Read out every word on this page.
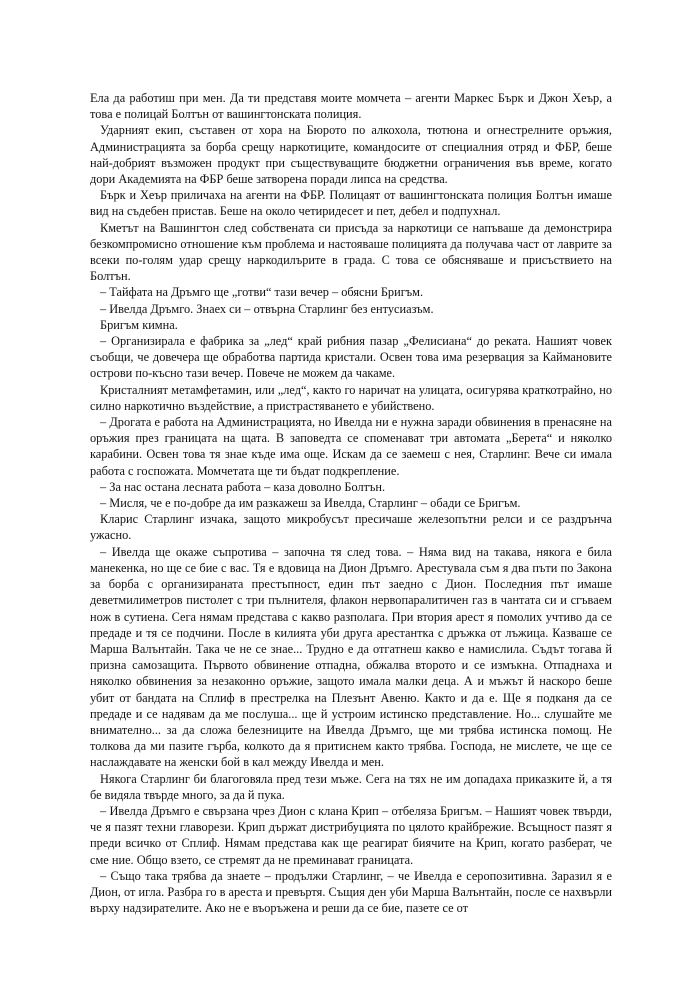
Ела да работиш при мен. Да ти представя моите момчета – агенти Маркес Бърк и Джон Хеър, а това е полицай Болтън от вашингтонската полиция.

Ударният екип, съставен от хора на Бюрото по алкохола, тютюна и огнестрелните оръжия, Администрацията за борба срещу наркотиците, командосите от специалния отряд и ФБР, беше най-добрият възможен продукт при съществуващите бюджетни ограничения във време, когато дори Академията на ФБР беше затворена поради липса на средства.

Бърк и Хеър приличаха на агенти на ФБР. Полицаят от вашингтонската полиция Болтън имаше вид на съдебен пристав. Беше на около четиридесет и пет, дебел и подпухнал.

Кметът на Вашингтон след собствената си присъда за наркотици се напъваше да демонстрира безкомпромисно отношение към проблема и настояваше полицията да получава част от лаврите за всеки по-голям удар срещу наркодилърите в града. С това се обясняваше и присъствието на Болтън.

– Тайфата на Дръмго ще „готви“ тази вечер – обясни Бригъм.

– Ивелда Дръмго. Знаех си – отвърна Старлинг без ентусиазъм.

Бригъм кимна.

– Организирала е фабрика за „лед“ край рибния пазар „Фелисиана“ до реката. Нашият човек съобщи, че довечера ще обработва партида кристали. Освен това има резервация за Каймановите острови по-късно тази вечер. Повече не можем да чакаме.

Кристалният метамфетамин, или „лед“, както го наричат на улицата, осигурява краткотрайно, но силно наркотично въздействие, а пристрастяването е убийствено.

– Дрогата е работа на Администрацията, но Ивелда ни е нужна заради обвинения в пренасяне на оръжия през границата на щата. В заповедта се споменават три автомата „Берета“ и няколко карабини. Освен това тя знае къде има още. Искам да се заемеш с нея, Старлинг. Вече си имала работа с госпожата. Момчетата ще ти бъдат подкрепление.

– За нас остана лесната работа – каза доволно Болтън.

– Мисля, че е по-добре да им разкажеш за Ивелда, Старлинг – обади се Бригъм.

Кларис Старлинг изчака, защото микробусът пресичаше железопътни релси и се раздрънча ужасно.

– Ивелда ще окаже съпротива – започна тя след това. – Няма вид на такава, някога е била манекенка, но ще се бие с вас. Тя е вдовица на Дион Дръмго. Арестувала съм я два пъти по Закона за борба с организираната престъпност, един път заедно с Дион. Последния път имаше деветмилиметров пистолет с три пълнителя, флакон нервопаралитичен газ в чантата си и сгъваем нож в сутиена. Сега нямам представа с какво разполага. При втория арест я помолих учтиво да се предаде и тя се подчини. После в килията уби друга арестантка с дръжка от лъжица. Казваше се Марша Валънтайн. Така че не се знае... Трудно е да отгатнеш какво е намислила. Съдът тогава й призна самозащита. Първото обвинение отпадна, обжалва второто и се измъкна. Отпаднаха и няколко обвинения за незаконно оръжие, защото имала малки деца. А и мъжът й наскоро беше убит от бандата на Сплиф в престрелка на Плезънт Авеню. Както и да е. Ще я подканя да се предаде и се надявам да ме послуша... ще й устроим истинско представление. Но... слушайте ме внимателно... за да сложа белезниците на Ивелда Дръмго, ще ми трябва истинска помощ. Не толкова да ми пазите гърба, колкото да я притиснем както трябва. Господа, не мислете, че ще се наслаждавате на женски бой в кал между Ивелда и мен.

Някога Старлинг би благоговяла пред тези мъже. Сега на тях не им допадаха приказките й, а тя бе видяла твърде много, за да й пука.

– Ивелда Дръмго е свързана чрез Дион с клана Крип – отбеляза Бригъм. – Нашият човек твърди, че я пазят техни главорези. Крип държат дистрибуцията по цялото крайбрежие. Всъщност пазят я преди всичко от Сплиф. Нямам представа как ще реагират биячите на Крип, когато разберат, че сме ние. Общо взето, се стремят да не преминават границата.

– Също така трябва да знаете – продължи Старлинг, – че Ивелда е серопозитивна. Заразил я е Дион, от игла. Разбра го в ареста и превъртя. Същия ден уби Марша Валънтайн, после се нахвърли върху надзирателите. Ако не е въоръжена и реши да се бие, пазете се от
